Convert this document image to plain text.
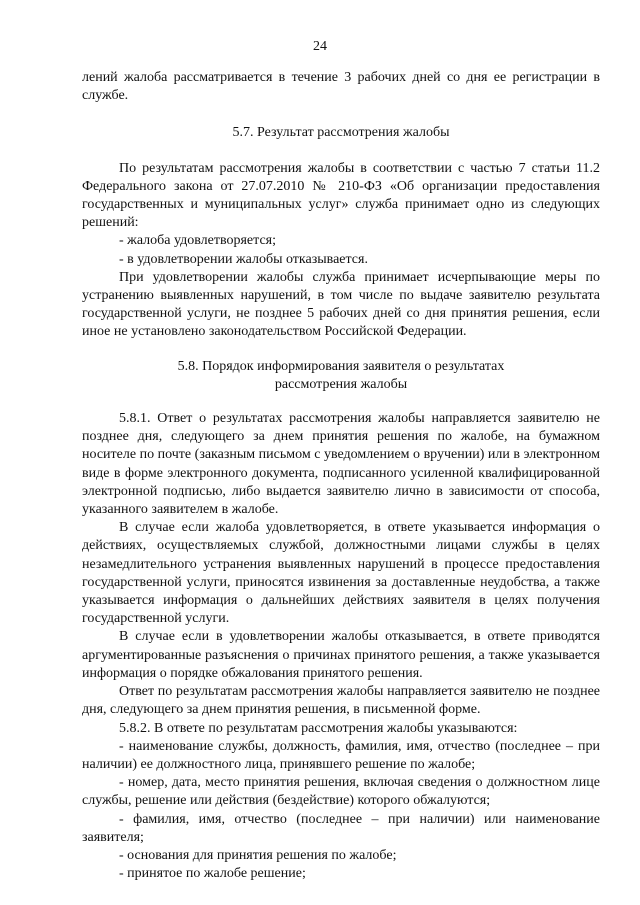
24

лений жалоба рассматривается в течение 3 рабочих дней со дня ее регистрации в службе.

5.7. Результат рассмотрения жалобы

По результатам рассмотрения жалобы в соответствии с частью 7 статьи 11.2 Федерального закона от 27.07.2010 № 210-ФЗ «Об организации предоставления государственных и муниципальных услуг» служба принимает одно из следующих решений:

- жалоба удовлетворяется;

- в удовлетворении жалобы отказывается.

При удовлетворении жалобы служба принимает исчерпывающие меры по устранению выявленных нарушений, в том числе по выдаче заявителю результата государственной услуги, не позднее 5 рабочих дней со дня принятия решения, если иное не установлено законодательством Российской Федерации.

5.8. Порядок информирования заявителя о результатах
рассмотрения жалобы

5.8.1. Ответ о результатах рассмотрения жалобы направляется заявителю не позднее дня, следующего за днем принятия решения по жалобе, на бумажном носителе по почте (заказным письмом с уведомлением о вручении) или в электронном виде в форме электронного документа, подписанного усиленной квалифицированной электронной подписью, либо выдается заявителю лично в зависимости от способа, указанного заявителем в жалобе.

В случае если жалоба удовлетворяется, в ответе указывается информация о действиях, осуществляемых службой, должностными лицами службы в целях незамедлительного устранения выявленных нарушений в процессе предоставления государственной услуги, приносятся извинения за доставленные неудобства, а также указывается информация о дальнейших действиях заявителя в целях получения государственной услуги.

В случае если в удовлетворении жалобы отказывается, в ответе приводятся аргументированные разъяснения о причинах принятого решения, а также указывается информация о порядке обжалования принятого решения.

Ответ по результатам рассмотрения жалобы направляется заявителю не позднее дня, следующего за днем принятия решения, в письменной форме.

5.8.2. В ответе по результатам рассмотрения жалобы указываются:

- наименование службы, должность, фамилия, имя, отчество (последнее – при наличии) ее должностного лица, принявшего решение по жалобе;

- номер, дата, место принятия решения, включая сведения о должностном лице службы, решение или действия (бездействие) которого обжалуются;

- фамилия, имя, отчество (последнее – при наличии) или наименование заявителя;

- основания для принятия решения по жалобе;

- принятое по жалобе решение;
